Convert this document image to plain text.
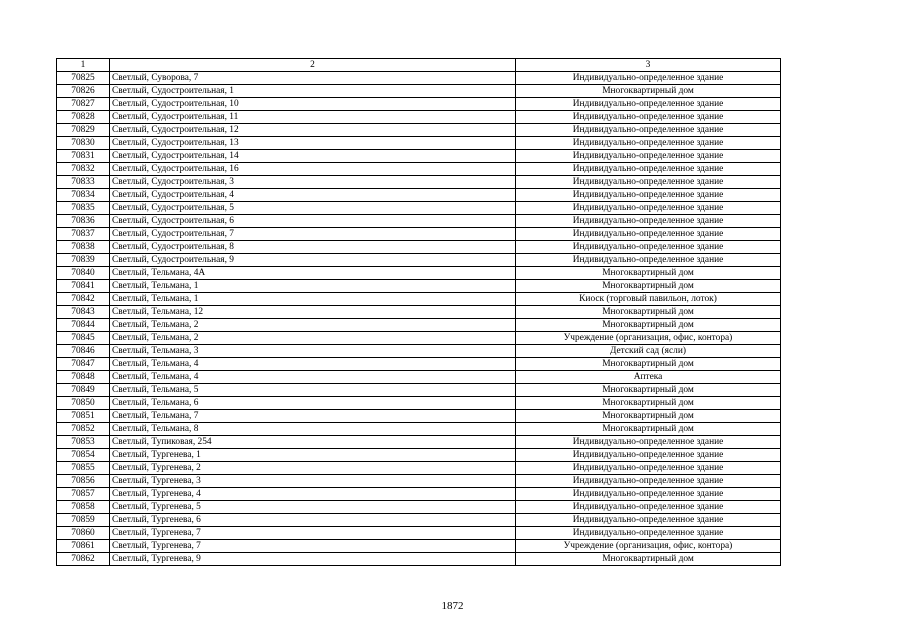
1	2	3
70825	Светлый, Суворова, 7	Индивидуально-определенное здание
70826	Светлый, Судостроительная, 1	Многоквартирный дом
70827	Светлый, Судостроительная, 10	Индивидуально-определенное здание
70828	Светлый, Судостроительная, 11	Индивидуально-определенное здание
70829	Светлый, Судостроительная, 12	Индивидуально-определенное здание
70830	Светлый, Судостроительная, 13	Индивидуально-определенное здание
70831	Светлый, Судостроительная, 14	Индивидуально-определенное здание
70832	Светлый, Судостроительная, 16	Индивидуально-определенное здание
70833	Светлый, Судостроительная, 3	Индивидуально-определенное здание
70834	Светлый, Судостроительная, 4	Индивидуально-определенное здание
70835	Светлый, Судостроительная, 5	Индивидуально-определенное здание
70836	Светлый, Судостроительная, 6	Индивидуально-определенное здание
70837	Светлый, Судостроительная, 7	Индивидуально-определенное здание
70838	Светлый, Судостроительная, 8	Индивидуально-определенное здание
70839	Светлый, Судостроительная, 9	Индивидуально-определенное здание
70840	Светлый, Тельмана, 4А	Многоквартирный дом
70841	Светлый, Тельмана, 1	Многоквартирный дом
70842	Светлый, Тельмана, 1	Киоск (торговый павильон, лоток)
70843	Светлый, Тельмана, 12	Многоквартирный дом
70844	Светлый, Тельмана, 2	Многоквартирный дом
70845	Светлый, Тельмана, 2	Учреждение (организация, офис, контора)
70846	Светлый, Тельмана, 3	Детский сад (ясли)
70847	Светлый, Тельмана, 4	Многоквартирный дом
70848	Светлый, Тельмана, 4	Аптека
70849	Светлый, Тельмана, 5	Многоквартирный дом
70850	Светлый, Тельмана, 6	Многоквартирный дом
70851	Светлый, Тельмана, 7	Многоквартирный дом
70852	Светлый, Тельмана, 8	Многоквартирный дом
70853	Светлый, Тупиковая, 254	Индивидуально-определенное здание
70854	Светлый, Тургенева, 1	Индивидуально-определенное здание
70855	Светлый, Тургенева, 2	Индивидуально-определенное здание
70856	Светлый, Тургенева, 3	Индивидуально-определенное здание
70857	Светлый, Тургенева, 4	Индивидуально-определенное здание
70858	Светлый, Тургенева, 5	Индивидуально-определенное здание
70859	Светлый, Тургенева, 6	Индивидуально-определенное здание
70860	Светлый, Тургенева, 7	Индивидуально-определенное здание
70861	Светлый, Тургенева, 7	Учреждение (организация, офис, контора)
70862	Светлый, Тургенева, 9	Многоквартирный дом
1872
